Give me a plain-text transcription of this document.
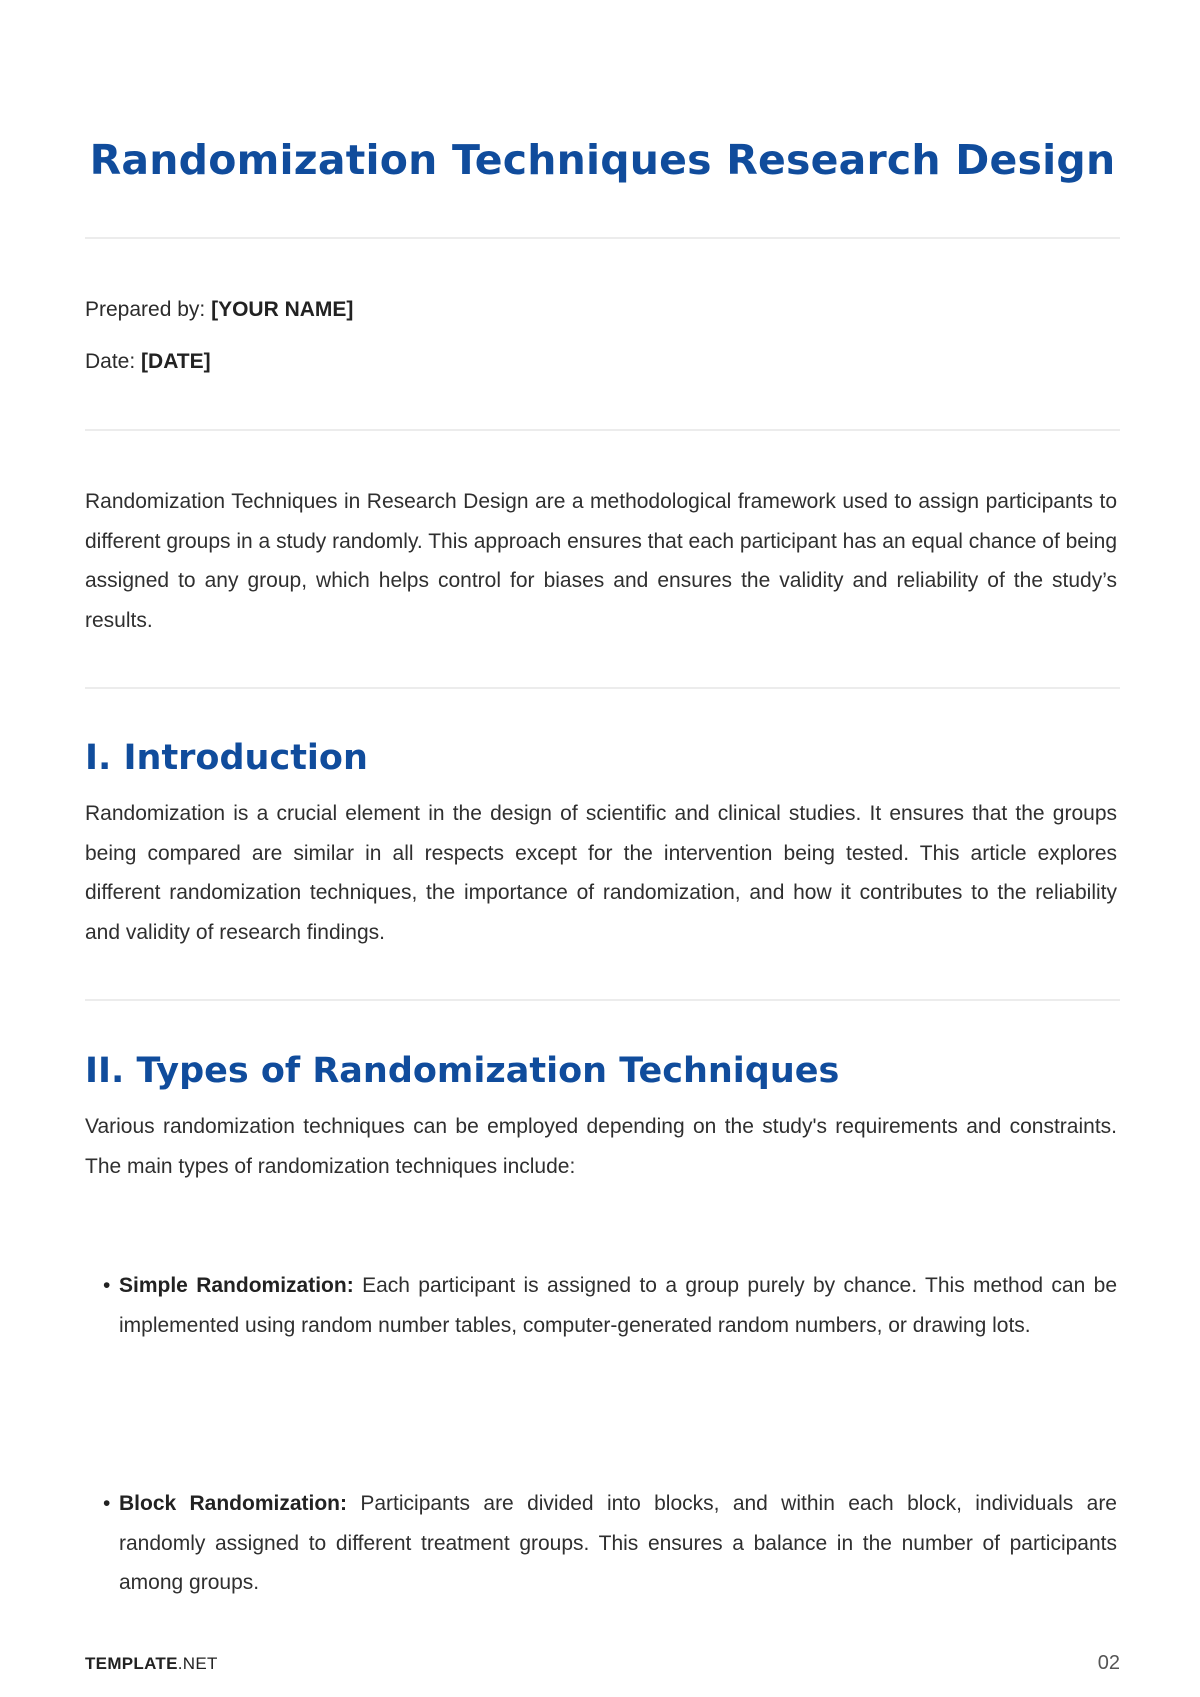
Randomization Techniques Research Design

Prepared by: [YOUR NAME]

Date: [DATE]

Randomization Techniques in Research Design are a methodological framework used to assign participants to different groups in a study randomly. This approach ensures that each participant has an equal chance of being assigned to any group, which helps control for biases and ensures the validity and reliability of the study’s results.

I. Introduction

Randomization is a crucial element in the design of scientific and clinical studies. It ensures that the groups being compared are similar in all respects except for the intervention being tested. This article explores different randomization techniques, the importance of randomization, and how it contributes to the reliability and validity of research findings.

II. Types of Randomization Techniques

Various randomization techniques can be employed depending on the study's requirements and constraints. The main types of randomization techniques include:

• Simple Randomization: Each participant is assigned to a group purely by chance. This method can be implemented using random number tables, computer-generated random numbers, or drawing lots.

• Block Randomization: Participants are divided into blocks, and within each block, individuals are randomly assigned to different treatment groups. This ensures a balance in the number of participants among groups.

TEMPLATE.NET	02
